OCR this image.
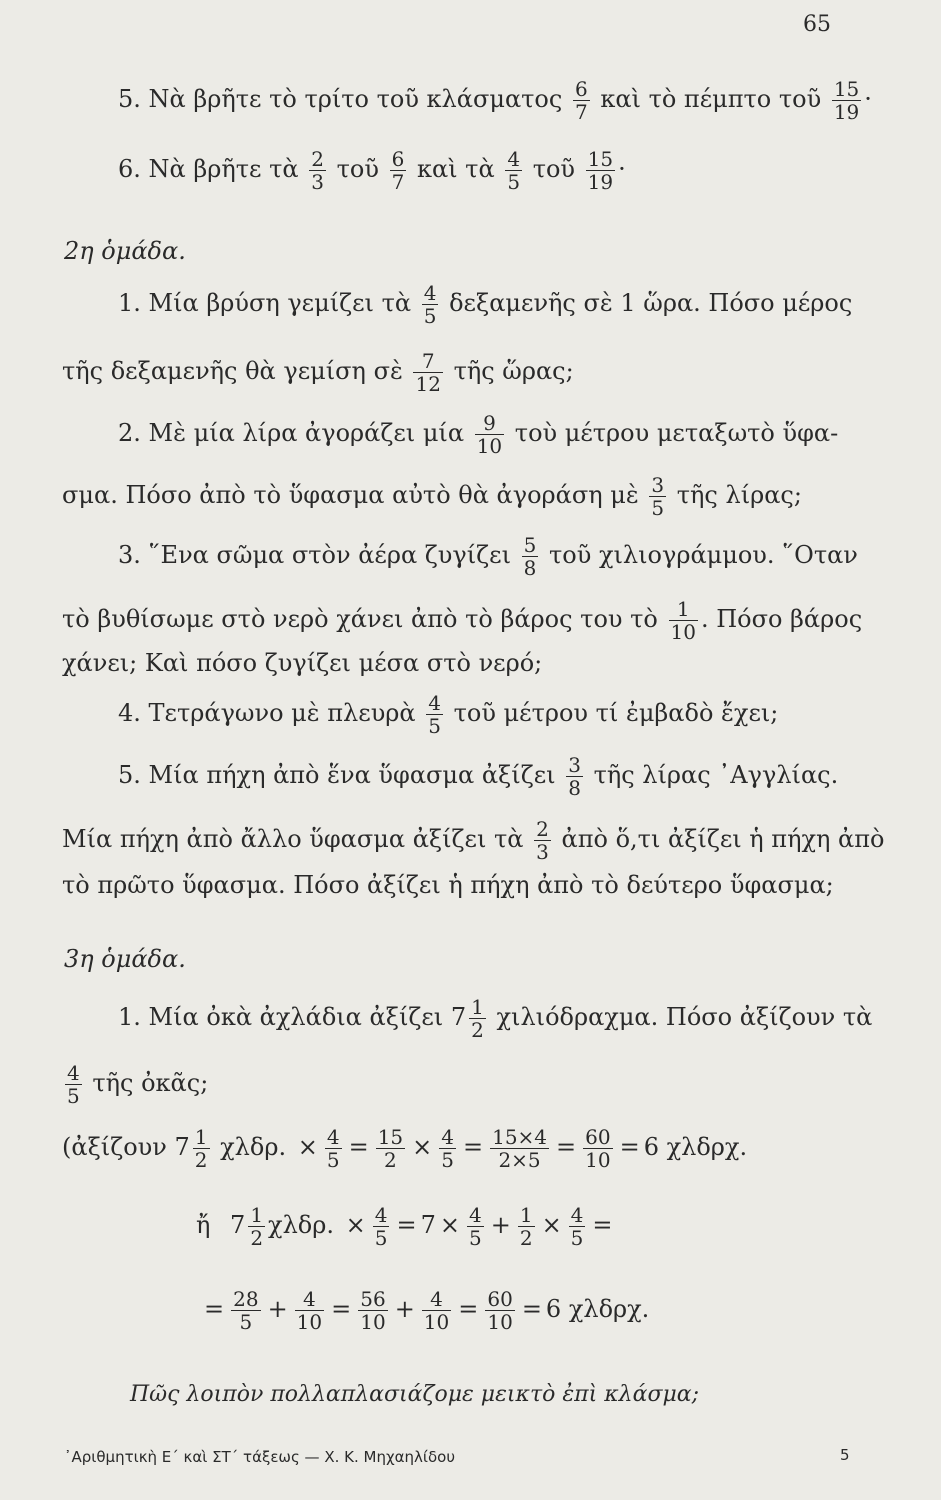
65
5. Νὰ βρῆτε τὸ τρίτο τοῦ κλάσματος $\frac{6}{7}$ καὶ τὸ πέμπτο τοῦ $\frac{15}{19}$ ·
6. Νὰ βρῆτε τὰ $\frac{2}{3}$ τοῦ $\frac{6}{7}$ καὶ τὰ $\frac{4}{5}$ τοῦ $\frac{15}{19}$ ·
2η ὁμάδα.
1. Μία βρύση γεμίζει τὰ $\frac{4}{5}$ δεξαμενῆς σὲ 1 ὥρα. Πόσο μέρος
τῆς δεξαμενῆς θὰ γεμίση σὲ $\frac{7}{12}$ τῆς ὥρας;
2. Μὲ μία λίρα ἀγοράζει μία $\frac{9}{10}$ τοὺ μέτρου μεταξωτὸ ὕφα-
σμα. Πόσο ἀπὸ τὸ ὕφασμα αὐτὸ θὰ ἀγοράση μὲ $\frac{3}{5}$ τῆς λίρας;
3. ῞Ενα σῶμα στὸν ἀέρα ζυγίζει $\frac{5}{8}$ τοῦ χιλιογράμμου. ῞Οταν
τὸ βυθίσωμε στὸ νερὸ χάνει ἀπὸ τὸ βάρος του τὸ $\frac{1}{10}$ . Πόσο βάρος
χάνει; Καὶ πόσο ζυγίζει μέσα στὸ νερό;
4. Τετράγωνο μὲ πλευρὰ $\frac{4}{5}$ τοῦ μέτρου τί ἐμβαδὸ ἔχει;
5. Μία πήχη ἀπὸ ἕνα ὕφασμα ἀξίζει $\frac{3}{8}$ τῆς λίρας ᾿Αγγλίας.
Μία πήχη ἀπὸ ἄλλο ὕφασμα ἀξίζει τὰ $\frac{2}{3}$ ἀπὸ ὅ,τι ἀξίζει ἡ πήχη ἀπὸ
τὸ πρῶτο ὕφασμα. Πόσο ἀξίζει ἡ πήχη ἀπὸ τὸ δεύτερο ὕφασμα;
3η ὁμάδα.
1. Μία ὀκὰ ἀχλάδια ἀξίζει $7 \frac{1}{2} \chi\iota\lambda\iota ό\delta\rho\alpha\chi\mu\alpha$. Πόσο ἀξίζουν τὰ
$\frac{4}{5}$ τῆς ὀκᾶς;
(ἀξίζουν $7 \frac{1}{2} \chi\lambda\delta\rho$. × $\frac{4}{5} = \frac{15}{2} \times \frac{4}{5} = \frac{15\times 4}{2\times 5} = \frac{60}{10} = 6$ χλδρχ.
ἤ $7 \frac{1}{2} \chi\lambda\delta\rho$. × $\frac{4}{5} = 7 \times \frac{4}{5} + \frac{1}{2} \times \frac{4}{5}$ =
= $\frac{28}{5} + \frac{4}{10} = \frac{56}{10} + \frac{4}{10} = \frac{60}{10} = 6$ χλδρχ.
Πῶς λοιπὸν πολλαπλασιάζομε μεικτὸ ἐπὶ κλάσμα;
᾿Αριθμητικὴ Ε΄ καὶ ΣΤ΄ τάξεως — Χ. Κ. Μηχαηλίδου	5
